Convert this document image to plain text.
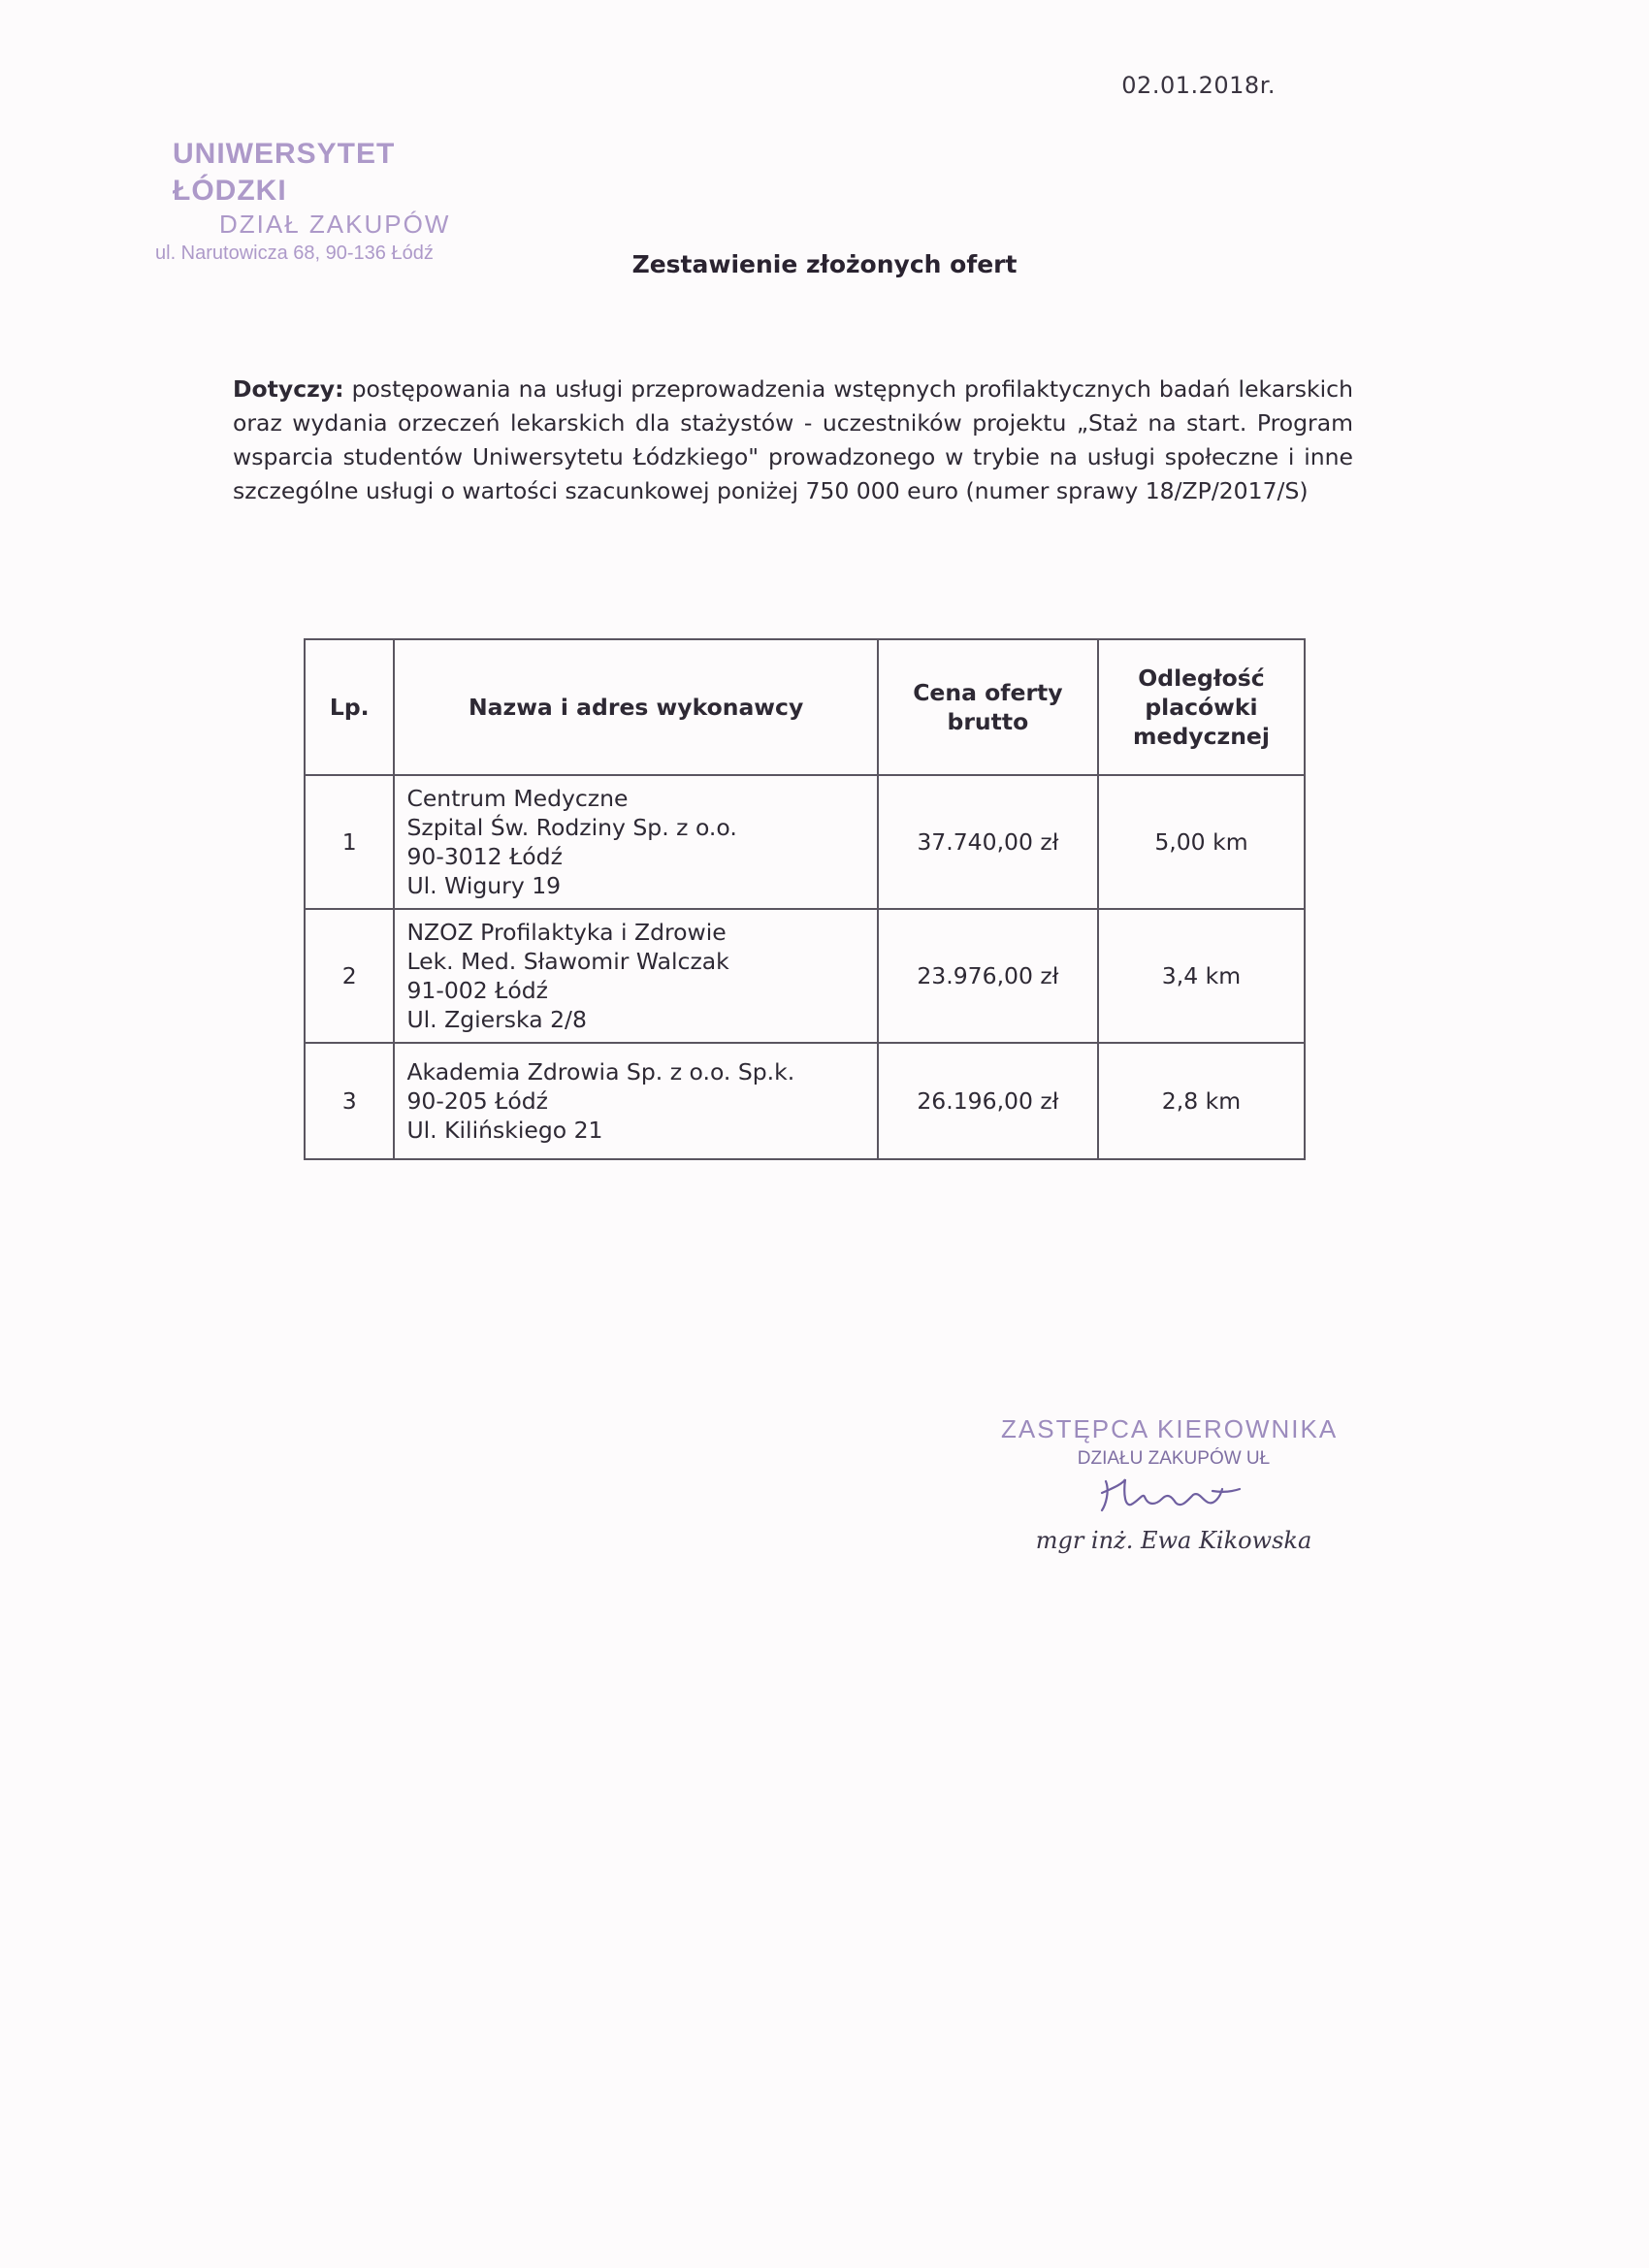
02.01.2018r.
UNIWERSYTET ŁÓDZKI
DZIAŁ ZAKUPÓW
ul. Narutowicza 68, 90-136 Łódź	Zestawienie złożonych ofert
Dotyczy: postępowania na usługi przeprowadzenia wstępnych profilaktycznych badań lekarskich oraz wydania orzeczeń lekarskich dla stażystów - uczestników projektu „Staż na start. Program wsparcia studentów Uniwersytetu Łódzkiego" prowadzonego w trybie na usługi społeczne i inne szczególne usługi o wartości szacunkowej poniżej 750 000 euro (numer sprawy 18/ZP/2017/S)
Lp.	Nazwa i adres wykonawcy	Cena oferty brutto	Odległość placówki medycznej
1	Centrum Medyczne
Szpital Św. Rodziny Sp. z o.o.
90-3012 Łódź
Ul. Wigury 19	37.740,00 zł	5,00 km
2	NZOZ Profilaktyka i Zdrowie
Lek. Med. Sławomir Walczak
91-002 Łódź
Ul. Zgierska 2/8	23.976,00 zł	3,4 km
3	Akademia Zdrowia Sp. z o.o. Sp.k.
90-205 Łódź
Ul. Kilińskiego 21	26.196,00 zł	2,8 km
ZASTĘPCA KIEROWNIKA
DZIAŁU ZAKUPÓW UŁ
mgr inż. Ewa Kikowska
